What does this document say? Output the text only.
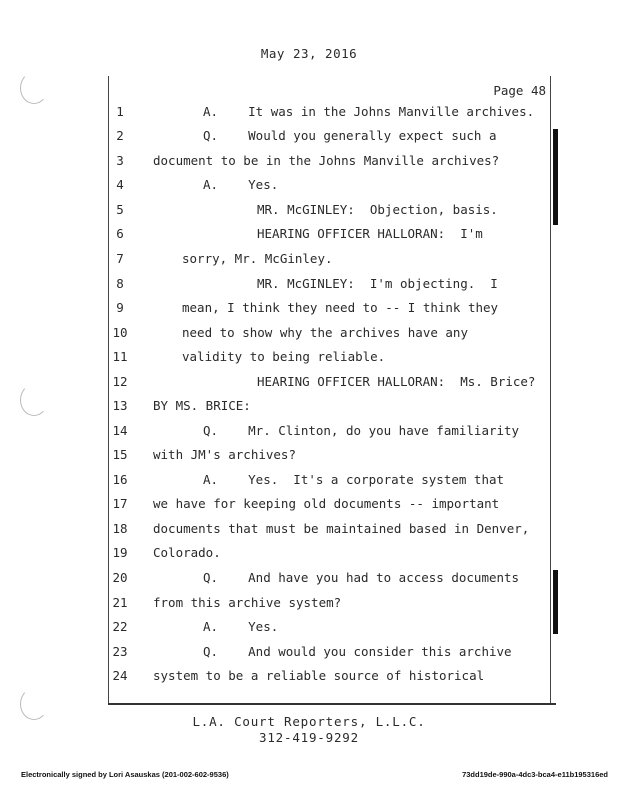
May 23, 2016
Page 48
1
2
3
4
5
6
7
8
9
10
11
12
13
14
15
16
17
18
19
20
21
22
23
24
A.    It was in the Johns Manville archives.
Q.    Would you generally expect such a
document to be in the Johns Manville archives?
A.    Yes.
MR. McGINLEY:  Objection, basis.
HEARING OFFICER HALLORAN:  I'm
sorry, Mr. McGinley.
MR. McGINLEY:  I'm objecting.  I
mean, I think they need to -- I think they
need to show why the archives have any
validity to being reliable.
HEARING OFFICER HALLORAN:  Ms. Brice?
BY MS. BRICE:
Q.    Mr. Clinton, do you have familiarity
with JM's archives?
A.    Yes.  It's a corporate system that
we have for keeping old documents -- important
documents that must be maintained based in Denver,
Colorado.
Q.    And have you had to access documents
from this archive system?
A.    Yes.
Q.    And would you consider this archive
system to be a reliable source of historical
L.A. Court Reporters, L.L.C.
312-419-9292
Electronically signed by Lori Asauskas (201-002-602-9536)	73dd19de-990a-4dc3-bca4-e11b195316ed
